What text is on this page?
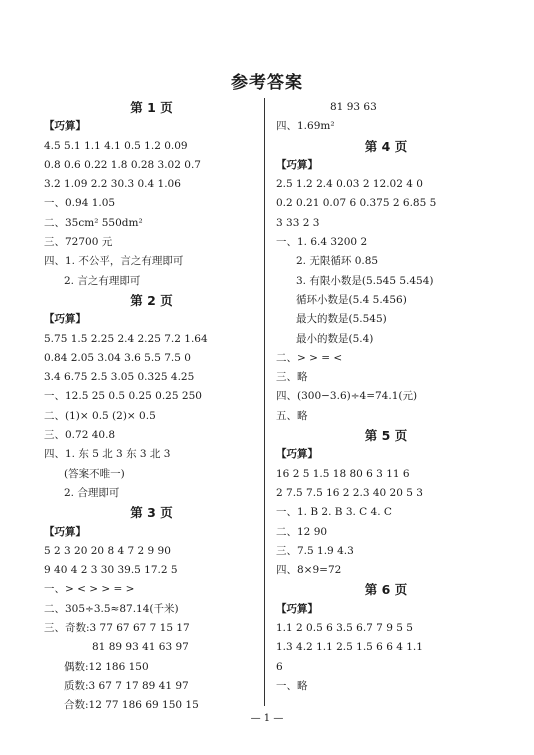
参考答案
第 1 页
【巧算】
4.5 5.1 1.1 4.1 0.5 1.2 0.09
0.8 0.6 0.22 1.8 0.28 3.02 0.7
3.2 1.09 2.2 30.3 0.4 1.06
一、0.94 1.05
二、35cm² 550dm²
三、72700 元
四、1. 不公平，言之有理即可
2. 言之有理即可
第 2 页
【巧算】
5.75 1.5 2.25 2.4 2.25 7.2 1.64
0.84 2.05 3.04 3.6 5.5 7.5 0
3.4 6.75 2.5 3.05 0.325 4.25
一、12.5 25 0.5 0.25 0.25 250
二、(1)× 0.5 (2)× 0.5
三、0.72 40.8
四、1. 东 5 北 3 东 3 北 3
(答案不唯一)
2. 合理即可
第 3 页
【巧算】
5 2 3 20 20 8 4 7 2 9 90
9 40 4 2 3 30 39.5 17.2 5
一、> < > > = >
二、305÷3.5≈87.14(千米)
三、奇数:3 77 67 67 7 15 17
81 89 93 41 63 97
偶数:12 186 150
质数:3 67 7 17 89 41 97
合数:12 77 186 69 150 15
81 93 63
四、1.69m²
第 4 页
【巧算】
2.5 1.2 2.4 0.03 2 12.02 4 0
0.2 0.21 0.07 6 0.375 2 6.85 5
3 33 2 3
一、1. 6.4 3200 2
2. 无限循环 0.85
3. 有限小数是(5.545 5.454)
循环小数是(5.4̇ 5.45̇6̇)
最大的数是(5.545)
最小的数是(5.4̇)
二、> > = <
三、略
四、(300−3.6)÷4=74.1(元)
五、略
第 5 页
【巧算】
16 2 5 1.5 18 80 6 3 11 6
2 7.5 7.5 16 2 2.3 40 20 5 3
一、1. B 2. B 3. C 4. C
二、12 90
三、7.5 1.9 4.3
四、8×9=72
第 6 页
【巧算】
1.1 2 0.5 6 3.5 6.7 7 9 5 5
1.3 4.2 1.1 2.5 1.5 6 6 4 1.1
6
一、略
— 1 —
